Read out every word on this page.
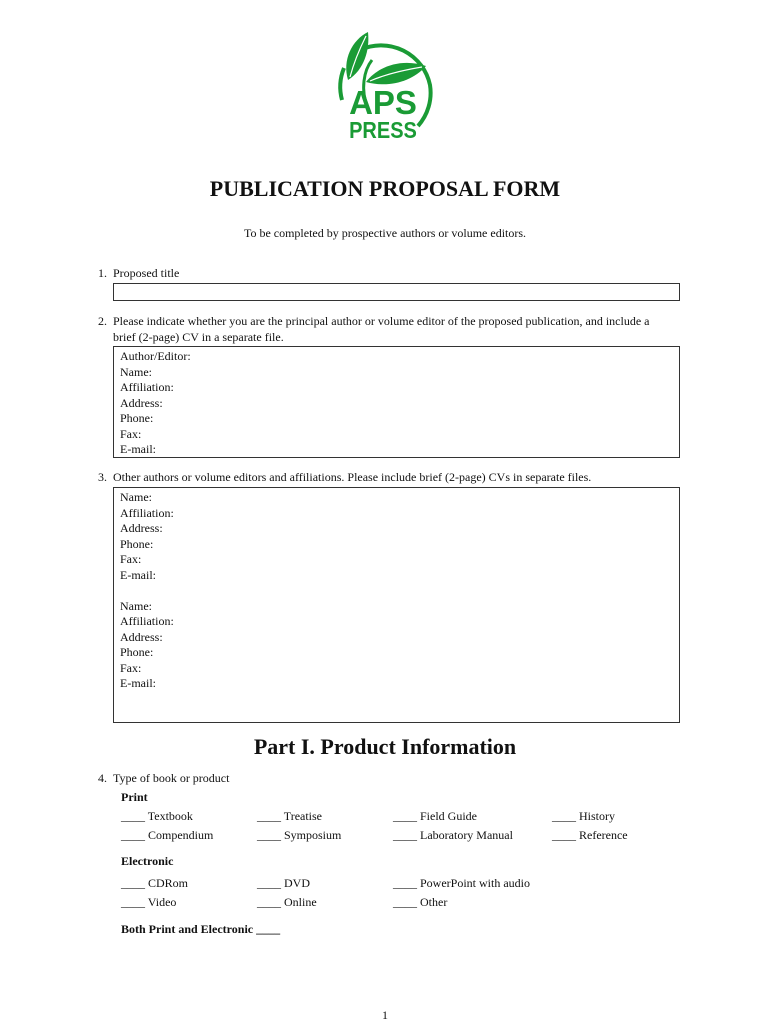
APS
PRESS
PUBLICATION PROPOSAL FORM
To be completed by prospective authors or volume editors.
1. Proposed title
2. Please indicate whether you are the principal author or volume editor of the proposed publication, and include a
brief (2-page) CV in a separate file.
Author/Editor:
Name:
Affiliation:
Address:
Phone:
Fax:
E-mail:
3. Other authors or volume editors and affiliations. Please include brief (2-page) CVs in separate files.
Name:
Affiliation:
Address:
Phone:
Fax:
E-mail:
Name:
Affiliation:
Address:
Phone:
Fax:
E-mail:
Part I. Product Information
4. Type of book or product
Print
____ Textbook	____ Treatise	____ Field Guide	____ History
____ Compendium	____ Symposium	____ Laboratory Manual	____ Reference
Electronic
____ CDRom	____ DVD	____ PowerPoint with audio
____ Video	____ Online	____ Other
Both Print and Electronic ____
1
